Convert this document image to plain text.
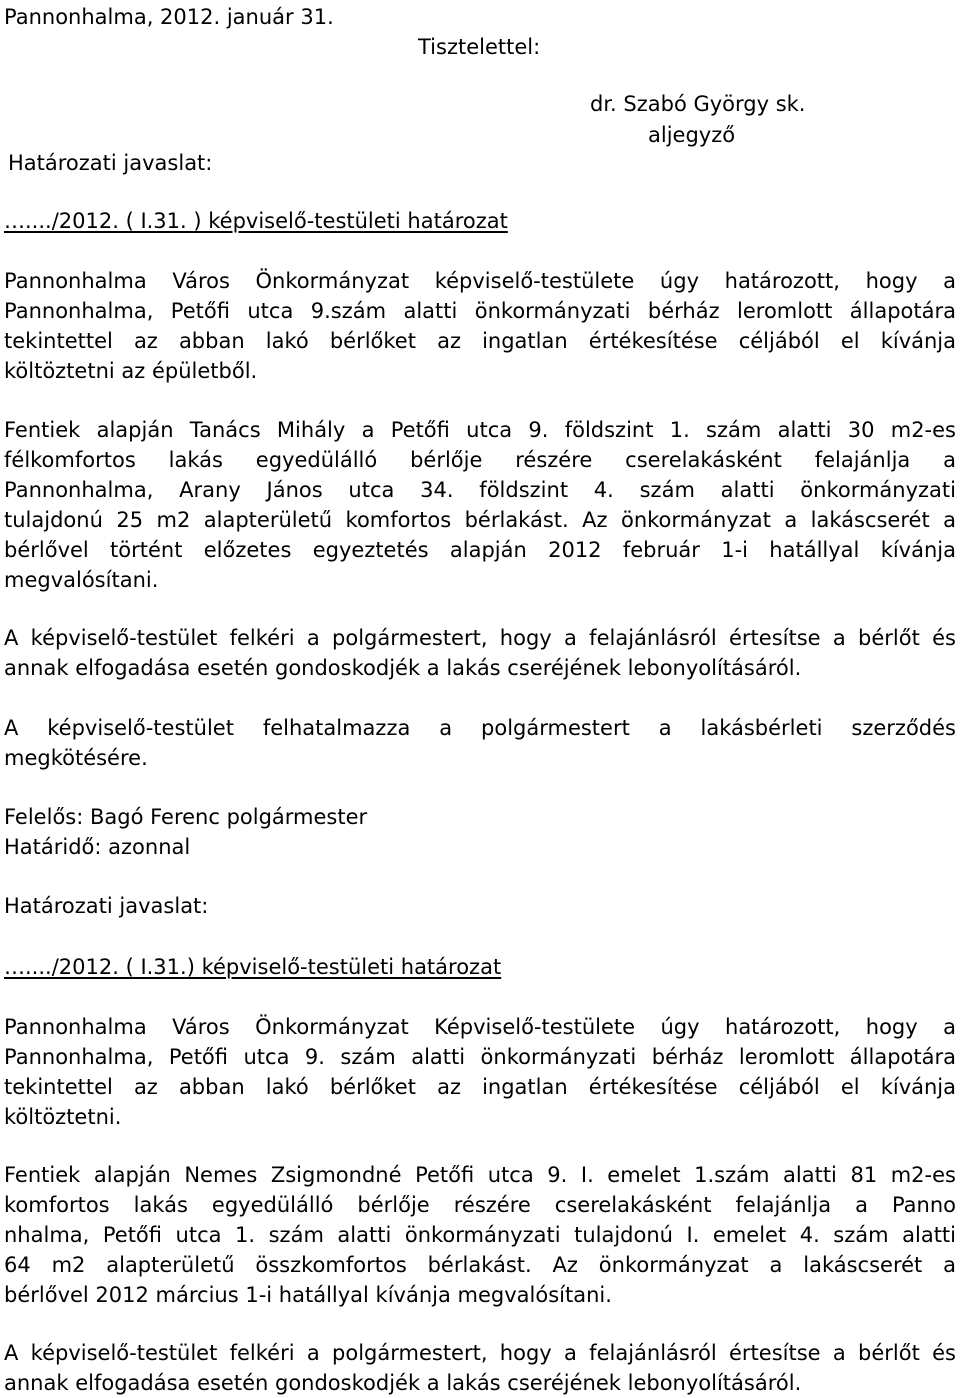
Pannonhalma, 2012. január 31.
Tisztelettel:
dr. Szabó György sk.
aljegyző
Határozati javaslat:
…..../2012. ( I.31. ) képviselő-testületi határozat
Pannonhalma Város Önkormányzat képviselő-testülete úgy határozott, hogy a
Pannonhalma, Petőfi utca 9.szám alatti önkormányzati bérház leromlott állapotára
tekintettel az abban lakó bérlőket az ingatlan értékesítése céljából el kívánja
költöztetni az épületből.
Fentiek alapján Tanács Mihály a Petőfi utca 9. földszint 1. szám alatti 30 m2-es
félkomfortos lakás egyedülálló bérlője részére cserelakásként felajánlja a
Pannonhalma, Arany János utca 34. földszint 4. szám alatti önkormányzati
tulajdonú 25 m2 alapterületű komfortos bérlakást. Az önkormányzat a lakáscserét a
bérlővel történt előzetes egyeztetés alapján 2012 február 1-i hatállyal kívánja
megvalósítani.
A képviselő-testület felkéri a polgármestert, hogy a felajánlásról értesítse a bérlőt és
annak elfogadása esetén gondoskodjék a lakás cseréjének lebonyolításáról.
A képviselő-testület felhatalmazza a polgármestert a lakásbérleti szerződés
megkötésére.
Felelős: Bagó Ferenc polgármester
Határidő: azonnal
Határozati javaslat:
…..../2012. ( I.31.) képviselő-testületi határozat
Pannonhalma Város Önkormányzat Képviselő-testülete úgy határozott, hogy a
Pannonhalma, Petőfi utca 9. szám alatti önkormányzati bérház leromlott állapotára
tekintettel az abban lakó bérlőket az ingatlan értékesítése céljából el kívánja
költöztetni.
Fentiek alapján Nemes Zsigmondné Petőfi utca 9. I. emelet 1.szám alatti 81 m2-es
komfortos lakás egyedülálló bérlője részére cserelakásként felajánlja a Panno
nhalma, Petőfi utca 1. szám alatti önkormányzati tulajdonú I. emelet 4. szám alatti
64 m2 alapterületű összkomfortos bérlakást. Az önkormányzat a lakáscserét a
bérlővel 2012 március 1-i hatállyal kívánja megvalósítani.
A képviselő-testület felkéri a polgármestert, hogy a felajánlásról értesítse a bérlőt és
annak elfogadása esetén gondoskodjék a lakás cseréjének lebonyolításáról.
